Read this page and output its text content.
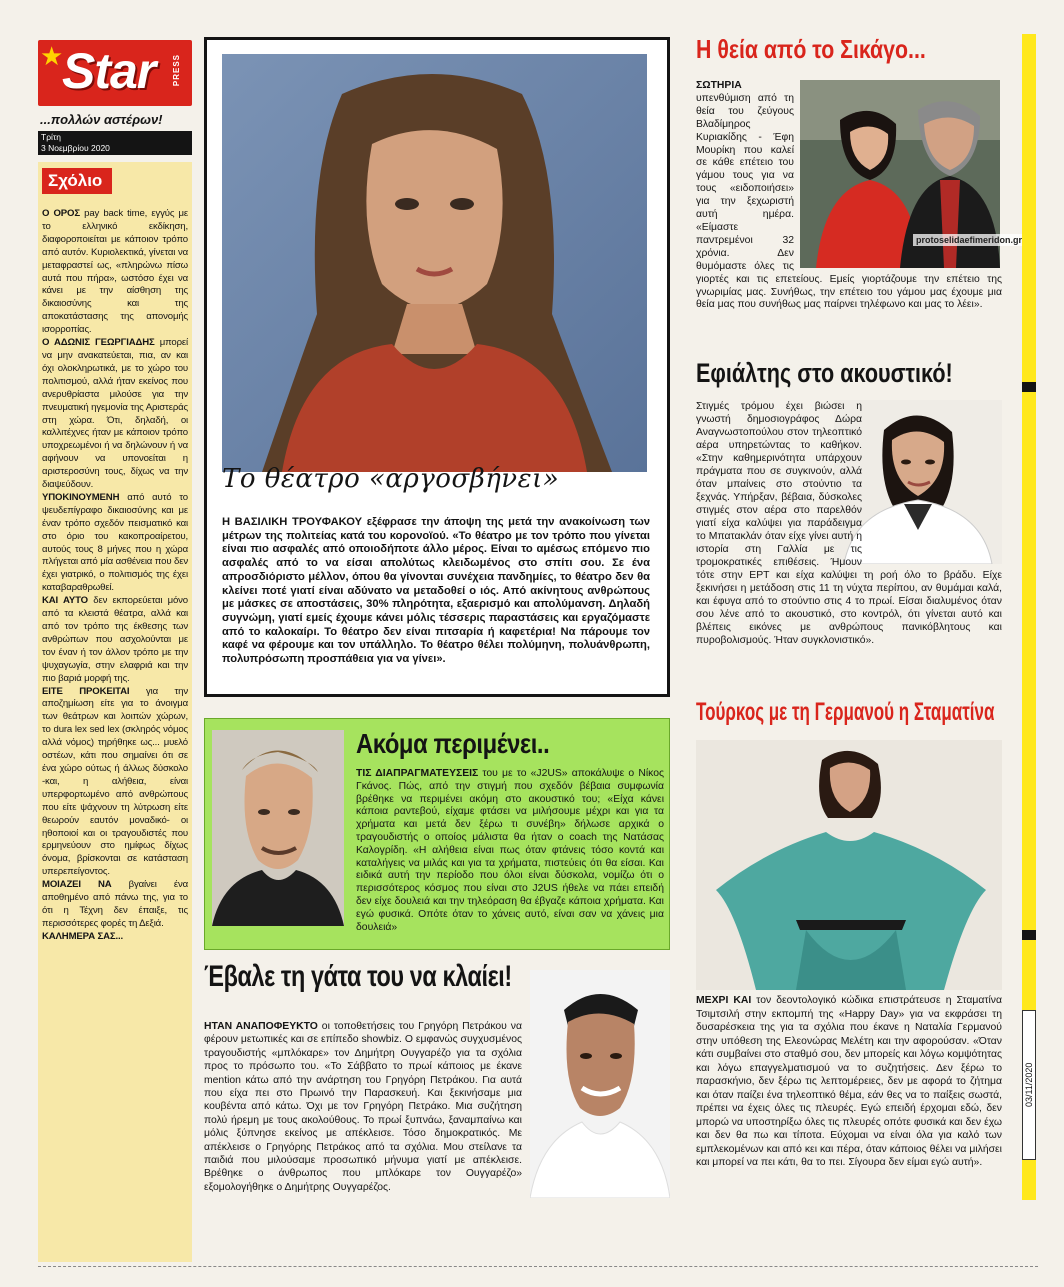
★
Star PRESS
...πολλών αστέρων!
Τρίτη
3 Νοεμβρίου 2020
Σχόλιο

Ο ΟΡΟΣ pay back time, εγγύς με το ελληνικό εκδίκηση, διαφοροποιείται με κάποιον τρόπο από αυτόν. Κυριολεκτικά, γίνεται να μεταφραστεί ως, «πληρώνω πίσω αυτά που πήρα», ωστόσο έχει να κάνει με την αίσθηση της δικαιοσύνης και της αποκατάστασης της απονομής ισορροπίας.

Ο ΑΔΩΝΙΣ ΓΕΩΡΓΙΑΔΗΣ μπορεί να μην ανακατεύεται, πια, αν και όχι ολοκληρωτικά, με το χώρο του πολιτισμού, αλλά ήταν εκείνος που ανερυθρίαστα μιλούσε για την πνευματική ηγεμονία της Αριστεράς στη χώρα. Ότι, δηλαδή, οι καλλιτέχνες ήταν με κάποιον τρόπο υποχρεωμένοι ή να δηλώνουν ή να αφήνουν να υπονοείται η αριστεροσύνη τους, δίχως να την διαψεύδουν.

ΥΠΟΚΙΝΟΥΜΕΝΗ από αυτό το ψευδεπίγραφο δικαιοσύνης και με έναν τρόπο σχεδόν πεισματικό και στο όριο του κακοπροαίρετου, αυτούς τους 8 μήνες που η χώρα πλήγεται από μία ασθένεια που δεν έχει γιατρικό, ο πολιτισμός της έχει καταβαραθρωθεί.

ΚΑΙ ΑΥΤΟ δεν εκπορεύεται μόνο από τα κλειστά θέατρα, αλλά και από τον τρόπο της έκθεσης των ανθρώπων που ασχολούνται με τον έναν ή τον άλλον τρόπο με την ψυχαγωγία, στην ελαφριά και την πιο βαριά μορφή της.

ΕΙΤΕ ΠΡΟΚΕΙΤΑΙ για την αποζημίωση είτε για το άνοιγμα των θεάτρων και λοιπών χώρων, το dura lex sed lex (σκληρός νόμος αλλά νόμος) τηρήθηκε ως... μυελό οστέων, κάτι που σημαίνει ότι σε ένα χώρο ούτως ή άλλως δύσκολο -και, η αλήθεια, είναι υπερφορτωμένο από ανθρώπους που είτε ψάχνουν τη λύτρωση είτε θεωρούν εαυτόν μοναδικό- οι ηθοποιοί και οι τραγουδιστές που ερμηνεύουν στο ημίφως δίχως όνομα, βρίσκονται σε κατάσταση υπερεπείγοντος.

ΜΟΙΑΖΕΙ ΝΑ βγαίνει ένα αποθημένο από πάνω της, για το ότι η Τέχνη δεν έπαιξε, τις περισσότερες φορές τη Δεξιά.

ΚΑΛΗΜΕΡΑ ΣΑΣ...

Το θέατρο «αργοσβήνει»

Η ΒΑΣΙΛΙΚΗ ΤΡΟΥΦΑΚΟΥ εξέφρασε την άποψη της μετά την ανακοίνωση των μέτρων της πολιτείας κατά του κορονοϊού. «Το θέατρο με τον τρόπο που γίνεται είναι πιο ασφαλές από οποιοδήποτε άλλο μέρος. Είναι το αμέσως επόμενο πιο ασφαλές από το να είσαι απολύτως κλειδωμένος στο σπίτι σου. Σε ένα απροσδιόριστο μέλλον, όπου θα γίνονται συνέχεια πανδημίες, το θέατρο δεν θα κλείνει ποτέ γιατί είναι αδύνατο να μεταδοθεί ο ιός. Από ακίνητους ανθρώπους με μάσκες σε αποστάσεις, 30% πληρότητα, εξαερισμό και απολύμανση. Δηλαδή συγνώμη, γιατί εμείς έχουμε κάνει μόλις τέσσερις παραστάσεις και εργαζόμαστε από το καλοκαίρι. Το θέατρο δεν είναι πιτσαρία ή καφετέρια! Να πάρουμε τον καφέ να φέρουμε και τον υπάλληλο. Το θέατρο θέλει πολύμηνη, πολυάνθρωπη, πολυπρόσωπη προσπάθεια για να γίνει».

Ακόμα περιμένει..

ΤΙΣ ΔΙΑΠΡΑΓΜΑΤΕΥΣΕΙΣ του με το «J2US» αποκάλυψε ο Νίκος Γκάνος. Πώς, από την στιγμή που σχεδόν βέβαια συμφωνία βρέθηκε να περιμένει ακόμη στο ακουστικό του; «Είχα κάνει κάποια ραντεβού, είχαμε φτάσει να μιλήσουμε μέχρι και για τα χρήματα και μετά δεν ξέρω τι συνέβη» δήλωσε αρχικά ο τραγουδιστής ο οποίος μάλιστα θα ήταν ο coach της Νατάσας Καλογρίδη. «Η αλήθεια είναι πως όταν φτάνεις τόσο κοντά και καταλήγεις να μιλάς και για τα χρήματα, πιστεύεις ότι θα είσαι. Και ειδικά αυτή την περίοδο που όλοι είναι δύσκολα, νομίζω ότι ο περισσότερος κόσμος που είναι στο J2US ήθελε να πάει επειδή δεν είχε δουλειά και την τηλεόραση θα έβγαζε κάποια χρήματα. Και εγώ φυσικά. Οπότε όταν το χάνεις αυτό, είναι σαν να χάνεις μια δουλειά»

Έβαλε τη γάτα του να κλαίει!

ΗΤΑΝ ΑΝΑΠΟΦΕΥΚΤΟ οι τοποθετήσεις του Γρηγόρη Πετράκου να φέρουν μετωπικές και σε επίπεδο showbiz. Ο εμφανώς συγχυσμένος τραγουδιστής «μπλόκαρε» τον Δημήτρη Ουγγαρέζο για τα σχόλια προς το πρόσωπο του. «Το Σάββατο το πρωί κάποιος με έκανε mention κάτω από την ανάρτηση του Γρηγόρη Πετράκου. Για αυτά που είχα πει στο Πρωινό την Παρασκευή. Και ξεκινήσαμε μια κουβέντα από κάτω. Όχι με τον Γρηγόρη Πετράκο. Μια συζήτηση πολύ ήρεμη με τους ακολούθους. Το πρωί ξυπνάω, ξαναμπαίνω και μόλις ξύπνησε εκείνος με απέκλεισε. Τόσο δημοκρατικός. Με απέκλεισε ο Γρηγόρης Πετράκος από τα σχόλια. Μου στείλανε τα παιδιά που μιλούσαμε προσωπικό μήνυμα γιατί με απέκλεισε. Βρέθηκε ο άνθρωπος που μπλόκαρε τον Ουγγαρέζο» εξομολογήθηκε ο Δημήτρης Ουγγαρέζος.

Η θεία από το Σικάγο...
protoselidaefimeridon.gr

ΣΩΤΗΡΙΑ υπενθύμιση από τη θεία του ζεύγους Βλαδίμηρος Κυριακίδης - Έφη Μουρίκη που καλεί σε κάθε επέτειο του γάμου τους για να τους «ειδοποιήσει» για την ξεχωριστή αυτή ημέρα. «Είμαστε παντρεμένοι 32 χρόνια. Δεν θυμόμαστε όλες τις γιορτές και τις επετείους. Εμείς γιορτάζουμε την επέτειο της γνωριμίας μας. Συνήθως, την επέτειο του γάμου μας έχουμε μια θεία μας που συνήθως μας παίρνει τηλέφωνο και μας το λέει».

Εφιάλτης στο ακουστικό!

Στιγμές τρόμου έχει βιώσει η γνωστή δημοσιογράφος Δώρα Αναγνωστοπούλου στον τηλεοπτικό αέρα υπηρετώντας το καθήκον. «Στην καθημερινότητα υπάρχουν πράγματα που σε συγκινούν, αλλά όταν μπαίνεις στο στούντιο τα ξεχνάς. Υπήρξαν, βέβαια, δύσκολες στιγμές στον αέρα στο παρελθόν γιατί είχα καλύψει για παράδειγμα το Μπατακλάν όταν είχε γίνει αυτή η ιστορία στη Γαλλία με τις τρομοκρατικές επιθέσεις. Ήμουν τότε στην ΕΡΤ και είχα καλύψει τη ροή όλο το βράδυ. Είχε ξεκινήσει η μετάδοση στις 11 τη νύχτα περίπου, αν θυμάμαι καλά, και έφυγα από το στούντιο στις 4 το πρωί. Είσαι διαλυμένος όταν σου λένε από το ακουστικό, στο κοντρόλ, ότι γίνεται αυτό και βλέπεις εικόνες με ανθρώπους πανικόβλητους και πυροβολισμούς. Ήταν συγκλονιστικό».

Τούρκος με τη Γερμανού η Σταματίνα

ΜΕΧΡΙ ΚΑΙ τον δεοντολογικό κώδικα επιστράτευσε η Σταματίνα Τσιμτσιλή στην εκπομπή της «Happy Day» για να εκφράσει τη δυσαρέσκεια της για τα σχόλια που έκανε η Ναταλία Γερμανού στην υπόθεση της Ελεονώρας Μελέτη και την αφορούσαν. «Όταν κάτι συμβαίνει στο σταθμό σου, δεν μπορείς και λόγω κομψότητας και λόγω επαγγελματισμού να το συζητήσεις. Δεν ξέρω το παρασκήνιο, δεν ξέρω τις λεπτομέρειες, δεν με αφορά το ζήτημα και όταν παίζει ένα τηλεοπτικό θέμα, εάν θες να το παίξεις σωστά, πρέπει να έχεις όλες τις πλευρές. Εγώ επειδή έρχομαι εδώ, δεν μπορώ να υποστηρίξω όλες τις πλευρές οπότε φυσικά και δεν έχω και δεν θα πω και τίποτα. Εύχομαι να είναι όλα για καλό των εμπλεκομένων και από κει και πέρα, όταν κάποιος θέλει να μιλήσει και μπορεί να πει κάτι, θα το πει. Σίγουρα δεν είμαι εγώ αυτή».

03/11/2020
